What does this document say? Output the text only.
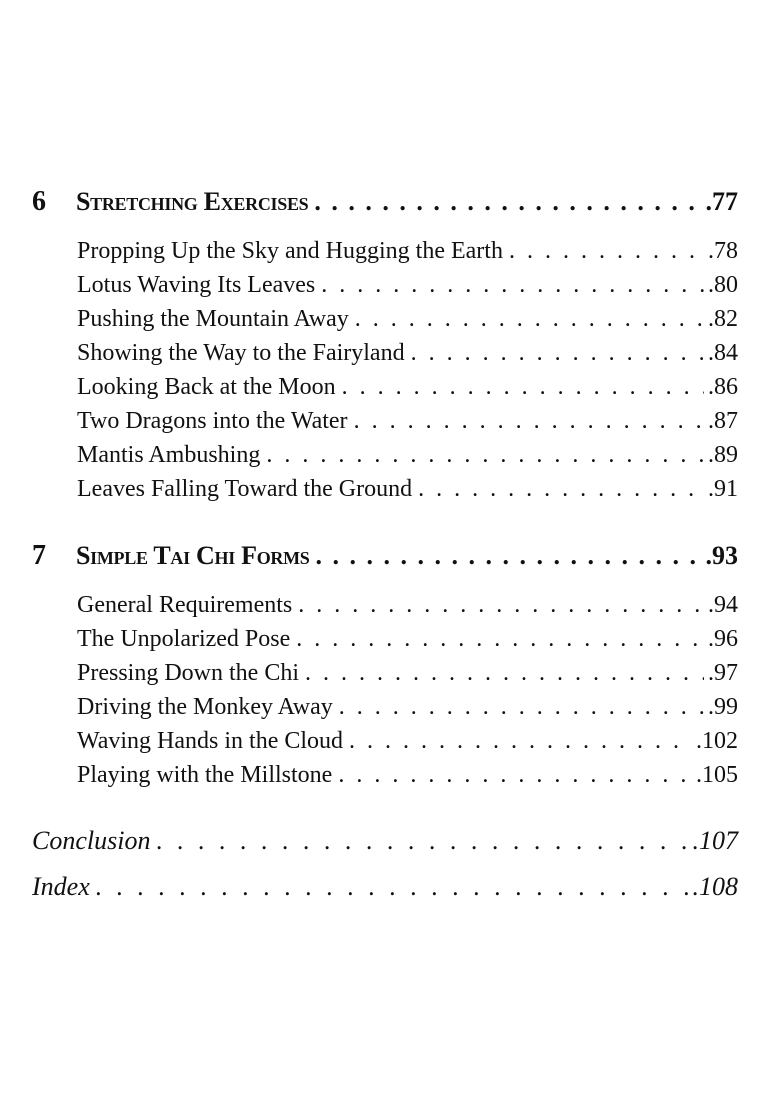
6	Stretching Exercises . . .	.77
Propping Up the Sky and Hugging the Earth . . .	.78
Lotus Waving Its Leaves . . .	.80
Pushing the Mountain Away . . .	.82
Showing the Way to the Fairyland . . .	.84
Looking Back at the Moon . . .	.86
Two Dragons into the Water . . .	.87
Mantis Ambushing . . .	.89
Leaves Falling Toward the Ground . . .	.91
7	Simple Tai Chi Forms . . .	.93
General Requirements . . .	.94
The Unpolarized Pose . . .	.96
Pressing Down the Chi . . .	.97
Driving the Monkey Away . . .	.99
Waving Hands in the Cloud . . .	.102
Playing with the Millstone . . .	.105
Conclusion . . .	.107
Index . . .	.108
